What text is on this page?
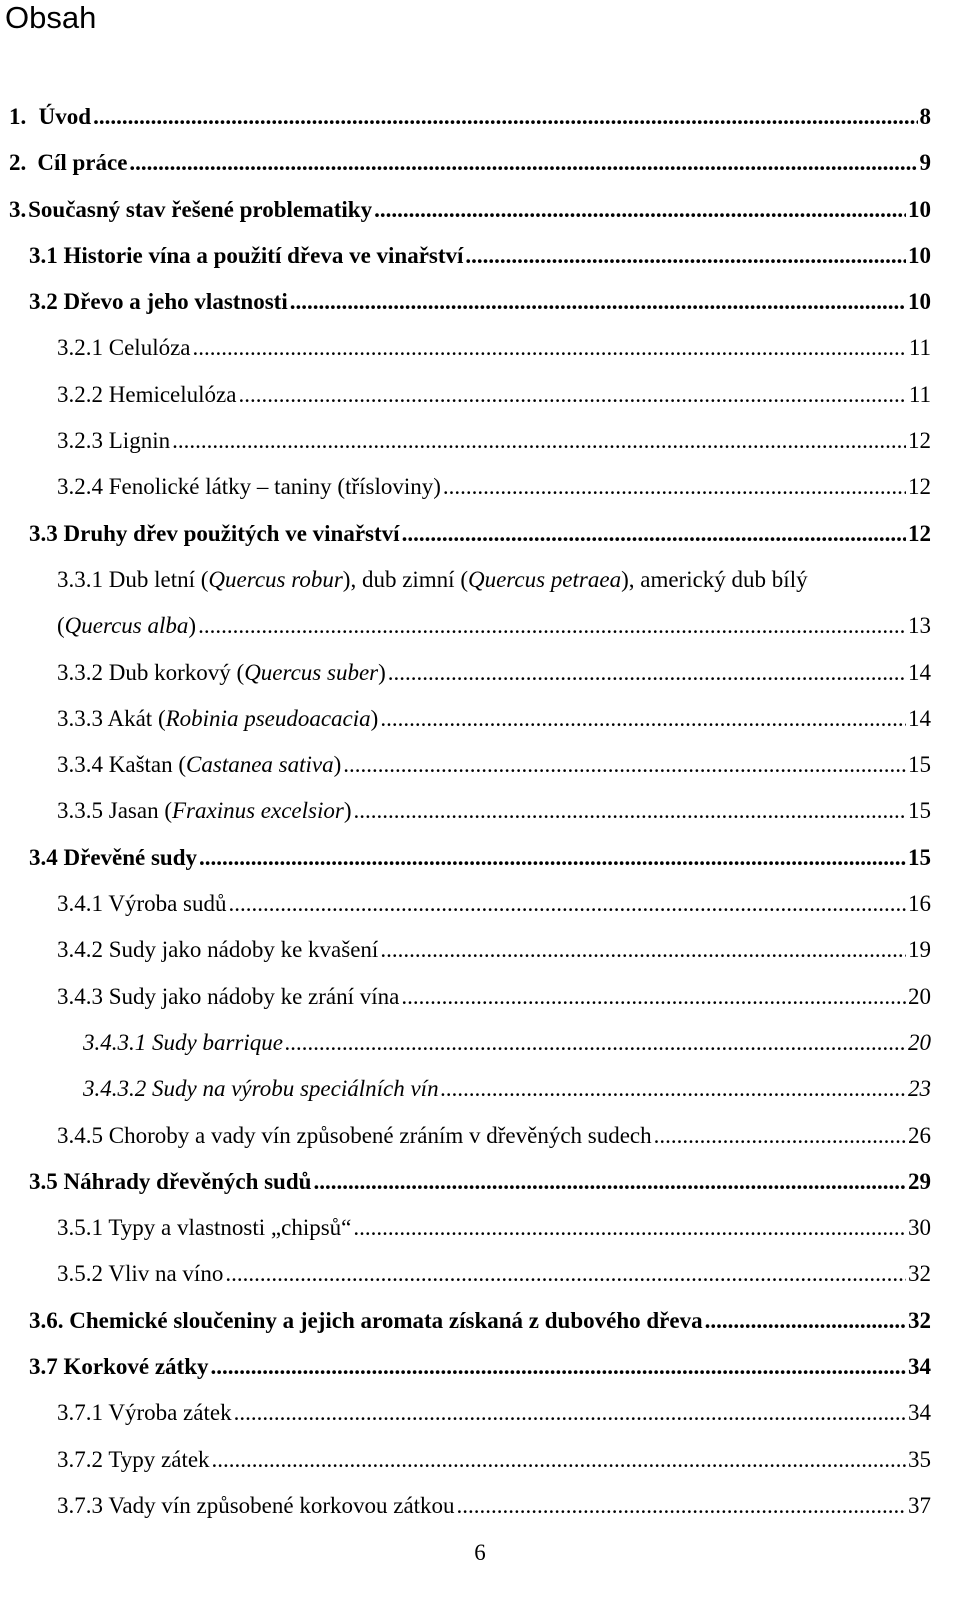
Obsah
1. Úvod .....	8
2. Cíl práce .....	9
3. Současný stav řešené problematiky .....	10
3.1 Historie vína a použití dřeva ve vinařství .....	10
3.2 Dřevo a jeho vlastnosti .....	10
3.2.1 Celulóza .....	11
3.2.2 Hemicelulóza .....	11
3.2.3 Lignin .....	12
3.2.4 Fenolické látky – taniny (třísloviny) .....	12
3.3 Druhy dřev použitých ve vinařství .....	12
3.3.1 Dub letní (Quercus robur), dub zimní (Quercus petraea), americký dub bílý
(Quercus alba) .....	13
3.3.2 Dub korkový (Quercus suber) .....	14
3.3.3 Akát (Robinia pseudoacacia) .....	14
3.3.4 Kaštan (Castanea sativa) .....	15
3.3.5 Jasan (Fraxinus excelsior) .....	15
3.4 Dřevěné sudy .....	15
3.4.1 Výroba sudů .....	16
3.4.2 Sudy jako nádoby ke kvašení .....	19
3.4.3 Sudy jako nádoby ke zrání vína .....	20
3.4.3.1 Sudy barrique .....	20
3.4.3.2 Sudy na výrobu speciálních vín .....	23
3.4.5 Choroby a vady vín způsobené zráním v dřevěných sudech .....	26
3.5 Náhrady dřevěných sudů .....	29
3.5.1 Typy a vlastnosti „chipsů“ .....	30
3.5.2 Vliv na víno .....	32
3.6. Chemické sloučeniny a jejich aromata získaná z dubového dřeva .....	32
3.7 Korkové zátky .....	34
3.7.1 Výroba zátek .....	34
3.7.2 Typy zátek .....	35
3.7.3 Vady vín způsobené korkovou zátkou .....	37
6
